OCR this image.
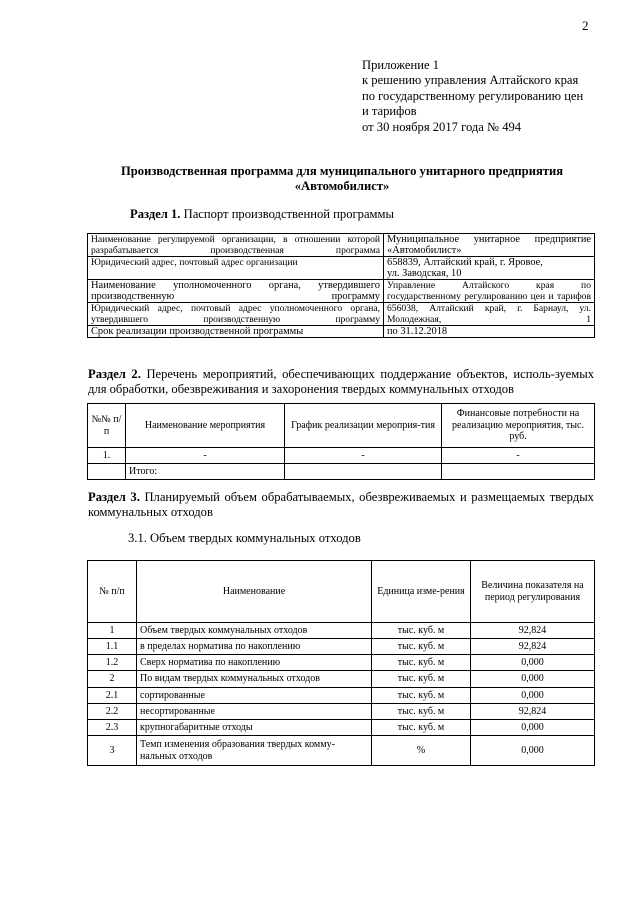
2
Приложение 1
к решению управления Алтайского края
по государственному регулированию цен
и тарифов
от 30 ноября 2017 года № 494
Производственная программа для муниципального унитарного предприятия
«Автомобилист»
Раздел 1. Паспорт производственной программы
Наименование регулируемой организации, в отношении которой разрабатывается производственная программа	Муниципальное унитарное предприятие «Автомобилист»
Юридический адрес, почтовый адрес организации	658839, Алтайский край, г. Яровое,
ул. Заводская, 10

Наименование уполномоченного органа, утвердившего производственную программу	Управление Алтайского края по государственному регулированию цен и тарифов
Юридический адрес, почтовый адрес уполномоченного органа, утвердившего производственную программу	656038, Алтайский край, г. Барнаул, ул. Молодежная, 1
Срок реализации производственной программы	по 31.12.2018
Раздел 2. Перечень мероприятий, обеспечивающих поддержание объектов, исполь-зуемых для обработки, обезвреживания и захоронения твердых коммунальных отходов
№№ п/п	Наименование мероприятия	График реализации мероприя-тия	Финансовые потребности на реализацию мероприятия, тыс. руб.
1.	-	-	-
	Итого:		
Раздел 3. Планируемый объем обрабатываемых, обезвреживаемых и размещаемых твердых коммунальных отходов
3.1. Объем твердых коммунальных отходов
№ п/п	Наименование	Единица изме-рения	Величина показателя на период регулирования
1	Объем твердых коммунальных отходов	тыс. куб. м	92,824
1.1	в пределах норматива по накоплению	тыс. куб. м	92,824
1.2	Сверх норматива по накоплению	тыс. куб. м	0,000
2	По видам твердых коммунальных отходов	тыс. куб. м	0,000
2.1	сортированные	тыс. куб. м	0,000
2.2	несортированные	тыс. куб. м	92,824
2.3	крупногабаритные отходы	тыс. куб. м	0,000
3	Темп изменения образования твердых комму-нальных отходов	%	0,000
